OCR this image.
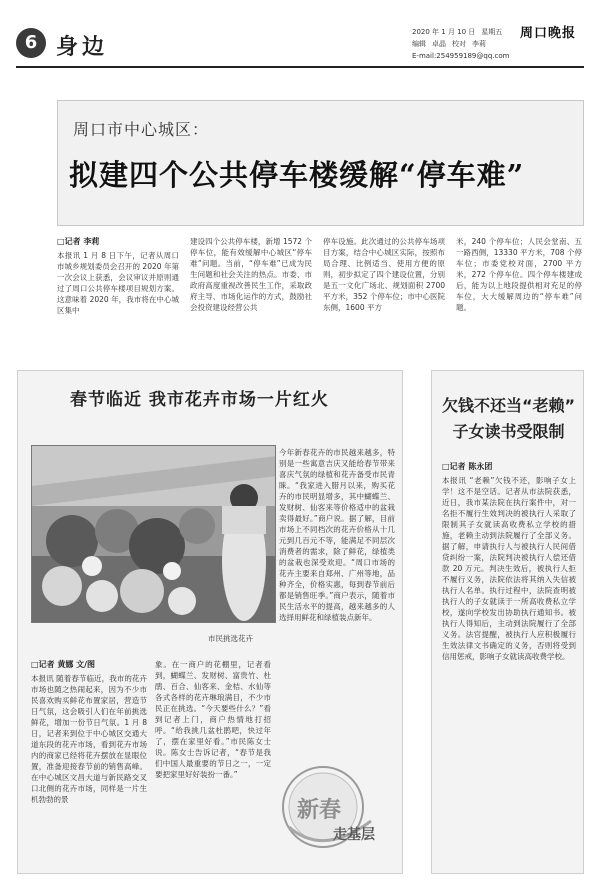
6 身边
2020 年 1 月 10 日 星期五
编辑 卓晶 校对 李莉
E-mail:254959189@qq.com
周口晚报
周口市中心城区：
拟建四个公共停车楼缓解“停车难”
□记者 李莉
本报讯 1 月 8 日下午，记者从周口市城乡规划委员会召开的 2020 年第一次会议上获悉，会议审议并原则通过了周口公共停车楼项目规划方案。这意味着 2020 年，我市将在中心城区集中
建设四个公共停车楼，新增 1572 个停车位，能有效缓解中心城区“停车难”问题。当前，“停车难”已成为民生问题和社会关注的热点。市委、市政府高度重视改善民生工作，采取政府主导、市场化运作的方式，鼓励社会投资建设经营公共
停车设施。此次通过的公共停车场项目方案，结合中心城区实际，按照布局合理、比例适当、使用方便的原则，初步拟定了四个建设位置，分别是五一文化广场北、规划面积 2700 平方米，352 个停车位；市中心医院东侧，1600 平方
米，240 个停车位；人民会堂南、五一路西侧，13330 平方米，708 个停车位；市委党校对面，2700 平方米，272 个停车位。四个停车楼建成后，能为以上地段提供相对充足的停车位，大大缓解周边的“停车难”问题。
春节临近 我市花卉市场一片红火
市民挑选花卉
今年新春花卉的市民越来越多，特别是一些寓意吉庆又能给春节带来喜庆气氛的绿植和花卉备受市民青睐。“我家进入腊月以来，购买花卉的市民明显增多，其中蝴蝶兰、发财树、仙客来等价格适中的盆栽卖得最好。”商户说。据了解，目前市场上不同档次的花卉价格从十几元到几百元不等，能满足不同层次消费者的需求，除了鲜花，绿植类的盆栽也深受欢迎。“周口市场的花卉主要来自郑州、广州等地，品种齐全，价格实惠，每到春节前后都是销售旺季。”商户表示，随着市民生活水平的提高，越来越多的人选择用鲜花和绿植装点新年。
□记者 黄娜 文/图
本报讯 随着春节临近，我市的花卉市场也随之热闹起来，因为不少市民喜欢购买鲜花布置家居，营造节日气氛，这会吸引人们在年前挑选鲜花，增加一份节日气氛。1 月 8 日，记者来到位于中心城区交通大道东段的花卉市场，看到花卉市场内的商家已经将花卉摆放在显眼位置，准备迎接春节前的销售高峰。在中心城区文昌大道与新民路交叉口北侧的花卉市场，同样是一片生机勃勃的景
象。在一商户的花棚里，记者看到，蝴蝶兰、发财树、富贵竹、杜鹃、百合、仙客来、金桔、水仙等各式各样的花卉琳琅满目，不少市民正在挑选。“今天要些什么？”看到记者上门，商户热情地打招呼。“给我挑几盆杜鹃吧，快过年了，摆在家里好看。”市民陈女士说。陈女士告诉记者，“春节是我们中国人最重要的节日之一，一定要把家里好好装扮一番。”
新春
走基层
欠钱不还当“老赖”
子女读书受限制
□记者 陈永团
本报讯 “老赖”欠钱不还，影响子女上学！这不是空话。记者从市法院获悉，近日，我市某法院在执行案件中，对一名拒不履行生效判决的被执行人采取了限制其子女就读高收费私立学校的措施，老赖主动到法院履行了全部义务。据了解，申请执行人与被执行人民间借贷纠纷一案，法院判决被执行人偿还借款 20 万元。判决生效后，被执行人拒不履行义务，法院依法将其纳入失信被执行人名单。执行过程中，法院查明被执行人的子女就读于一所高收费私立学校，遂向学校发出协助执行通知书。被执行人得知后，主动到法院履行了全部义务。法官提醒，被执行人应积极履行生效法律文书确定的义务，否则将受到信用惩戒，影响子女就读高收费学校。
